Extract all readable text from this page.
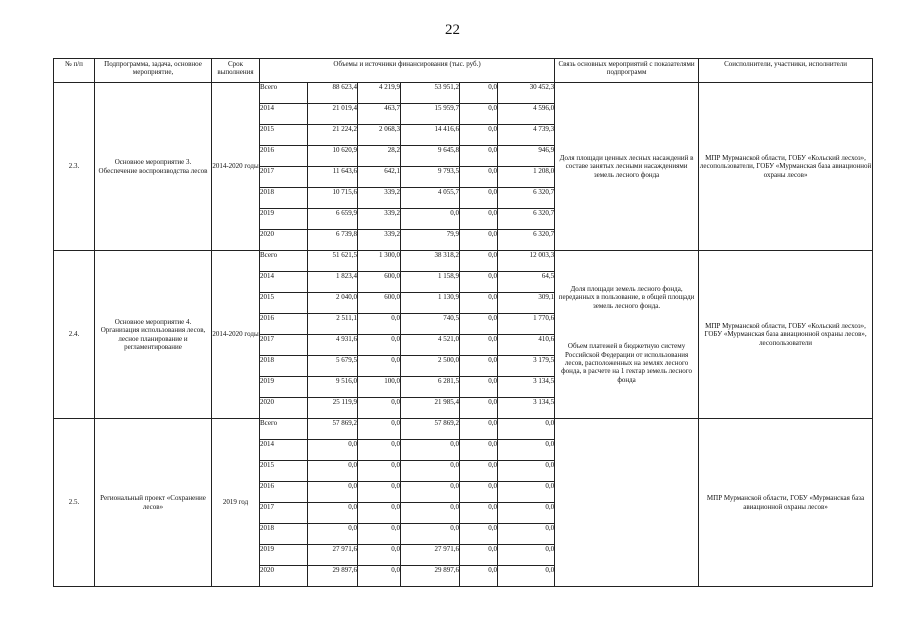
22
№ п/п	Подпрограмма, задача, основное мероприятие,	Срок выполнения	Объемы и источники финансирования (тыс. руб.)						Связь основных мероприятий с показателями подпрограмм	Соисполнители, участники, исполнители
2.3.	Основное мероприятие 3. Обеспечение воспроизводства лесов	2014-2020 годы	Всего	88 623,4	4 219,9	53 951,2	0,0	30 452,3	Доля площади ценных лесных насаждений в составе занятых лесными насаждениями земель лесного фонда	МПР Мурманской области, ГОБУ «Кольский лесхоз», лесопользователи, ГОБУ «Мурманская база авиационной охраны лесов»
			2014	21 019,4	463,7	15 959,7	0,0	4 596,0		
			2015	21 224,2	2 068,3	14 416,6	0,0	4 739,3		
			2016	10 620,9	28,2	9 645,8	0,0	946,9		
			2017	11 643,6	642,1	9 793,5	0,0	1 208,0		
			2018	10 715,6	339,2	4 055,7	0,0	6 320,7		
			2019	6 659,9	339,2	0,0	0,0	6 320,7		
			2020	6 739,8	339,2	79,9	0,0	6 320,7		
2.4.	Основное мероприятие 4. Организация использования лесов, лесное планирование и регламентирование	2014-2020 годы	Всего	51 621,5	1 300,0	38 318,2	0,0	12 003,3	Доля площади земель лесного фонда, переданных в пользование, в общей площади земель лесного фонда.

Объем платежей в бюджетную систему Российской Федерации от использования лесов, расположенных на землях лесного фонда, в расчете на 1 гектар земель лесного фонда	МПР Мурманской области, ГОБУ «Кольский лесхоз», ГОБУ «Мурманская база авиационной охраны лесов», лесопользователи
			2014	1 823,4	600,0	1 158,9	0,0	64,5		
			2015	2 040,0	600,0	1 130,9	0,0	309,1		
			2016	2 511,1	0,0	740,5	0,0	1 770,6		
			2017	4 931,6	0,0	4 521,0	0,0	410,6		
			2018	5 679,5	0,0	2 500,0	0,0	3 179,5		
			2019	9 516,0	100,0	6 281,5	0,0	3 134,5		
			2020	25 119,9	0,0	21 985,4	0,0	3 134,5		
2.5.	Региональный проект «Сохранение лесов»	2019 год	Всего	57 869,2	0,0	57 869,2	0,0	0,0		МПР Мурманской области, ГОБУ «Мурманская база авиационной охраны лесов»
			2014	0,0	0,0	0,0	0,0	0,0		
			2015	0,0	0,0	0,0	0,0	0,0		
			2016	0,0	0,0	0,0	0,0	0,0		
			2017	0,0	0,0	0,0	0,0	0,0		
			2018	0,0	0,0	0,0	0,0	0,0		
			2019	27 971,6	0,0	27 971,6	0,0	0,0		
			2020	29 897,6	0,0	29 897,6	0,0	0,0		
